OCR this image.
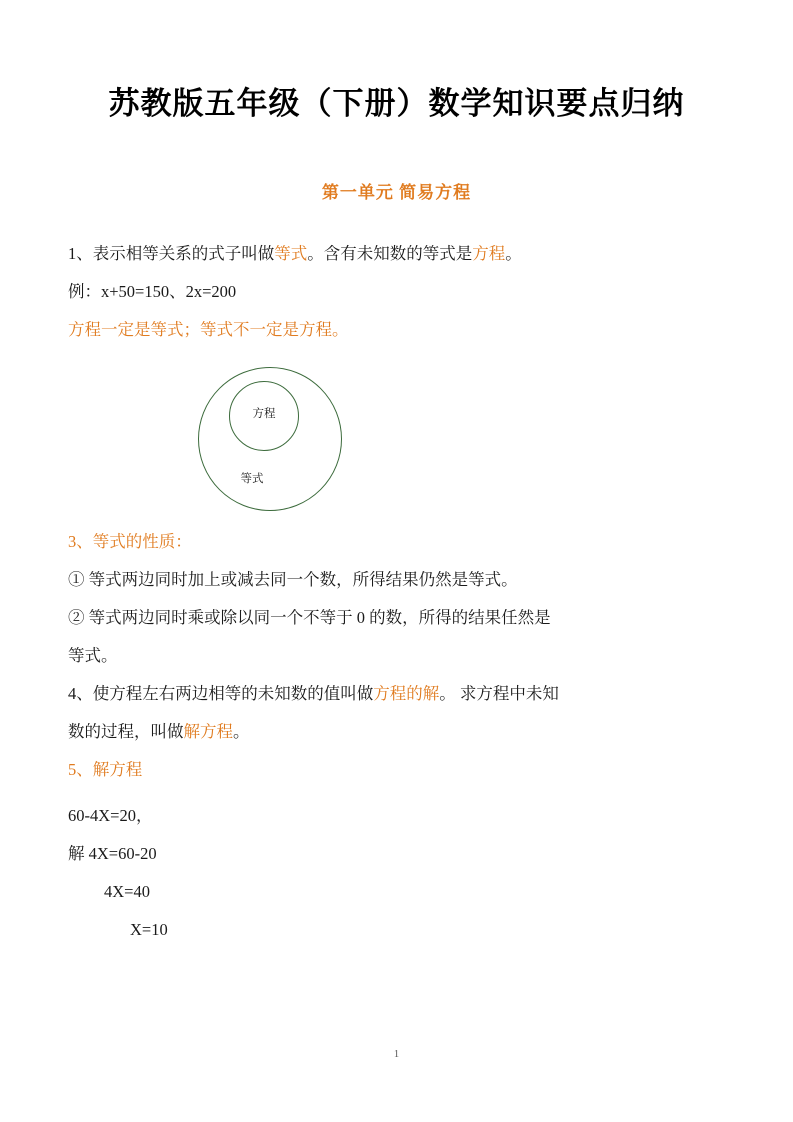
苏教版五年级（下册）数学知识要点归纳
第一单元 简易方程

1、表示相等关系的式子叫做等式。含有未知数的等式是方程。

例：x+50=150、2x=200

方程一定是等式；等式不一定是方程。

方程
等式

3、等式的性质：

① 等式两边同时加上或减去同一个数，所得结果仍然是等式。

② 等式两边同时乘或除以同一个不等于 0 的数，所得的结果任然是

等式。

4、使方程左右两边相等的未知数的值叫做方程的解。 求方程中未知

数的过程，叫做解方程。

5、解方程

60-4X=20，

解 4X=60-20

4X=40

X=10

1
